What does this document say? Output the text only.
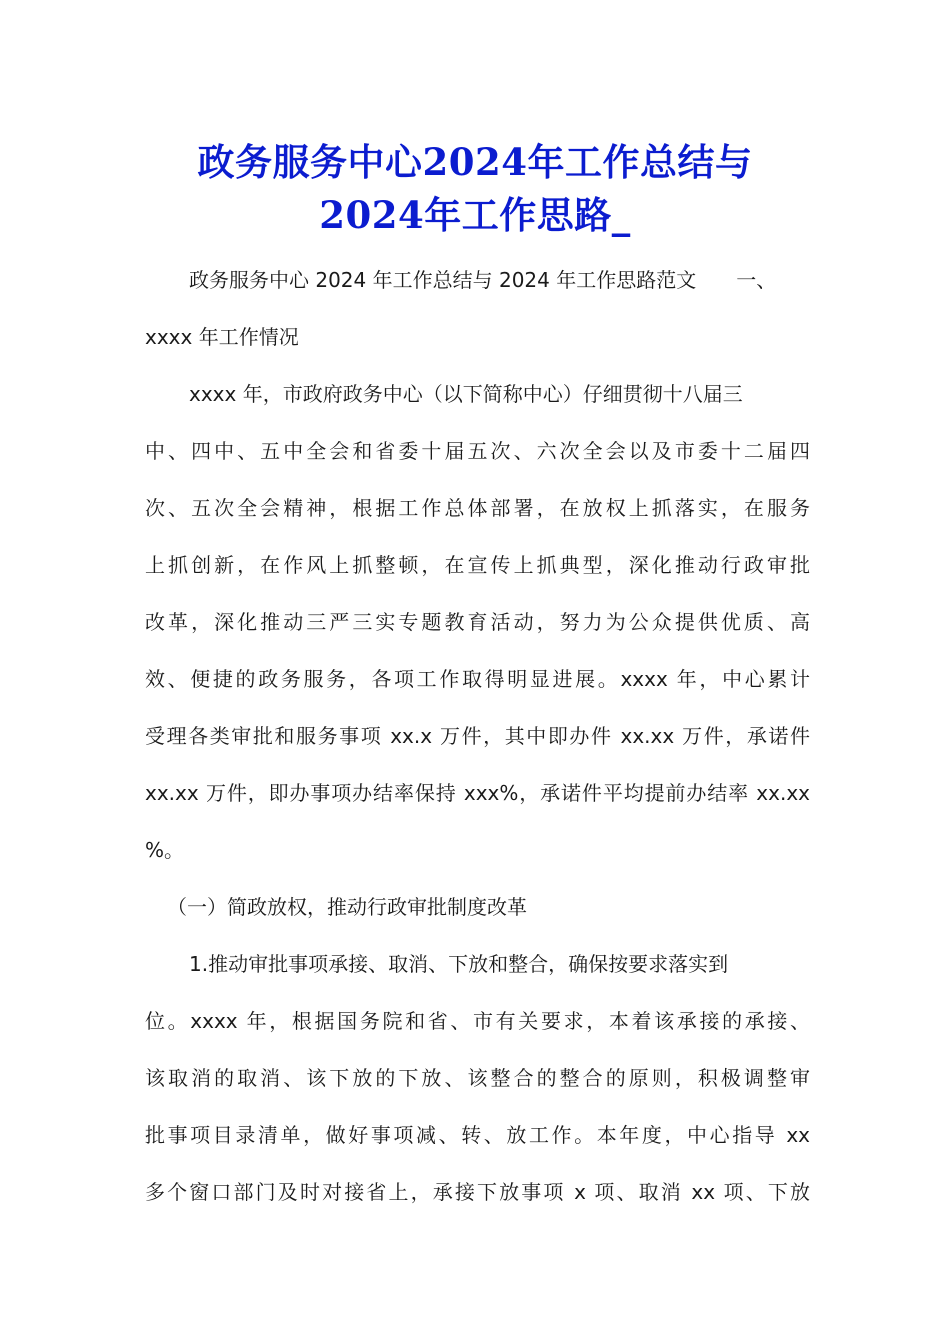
政务服务中心2024年工作总结与
2024年工作思路_
政务服务中心 2024 年工作总结与 2024 年工作思路范文　　一、
xxxx 年工作情况
xxxx 年，市政府政务中心（以下简称中心）仔细贯彻十八届三
中、四中、五中全会和省委十届五次、六次全会以及市委十二届四
次、五次全会精神，根据工作总体部署，在放权上抓落实，在服务
上抓创新，在作风上抓整顿，在宣传上抓典型，深化推动行政审批
改革，深化推动三严三实专题教育活动，努力为公众提供优质、高
效、便捷的政务服务，各项工作取得明显进展。xxxx 年，中心累计
受理各类审批和服务事项 xx.x 万件，其中即办件 xx.xx 万件，承诺件
xx.xx 万件，即办事项办结率保持 xxx%，承诺件平均提前办结率 xx.xx
%。
（一）简政放权，推动行政审批制度改革
1.推动审批事项承接、取消、下放和整合，确保按要求落实到
位。xxxx 年，根据国务院和省、市有关要求，本着该承接的承接、
该取消的取消、该下放的下放、该整合的整合的原则，积极调整审
批事项目录清单，做好事项减、转、放工作。本年度，中心指导 xx
多个窗口部门及时对接省上，承接下放事项 x 项、取消 xx 项、下放
